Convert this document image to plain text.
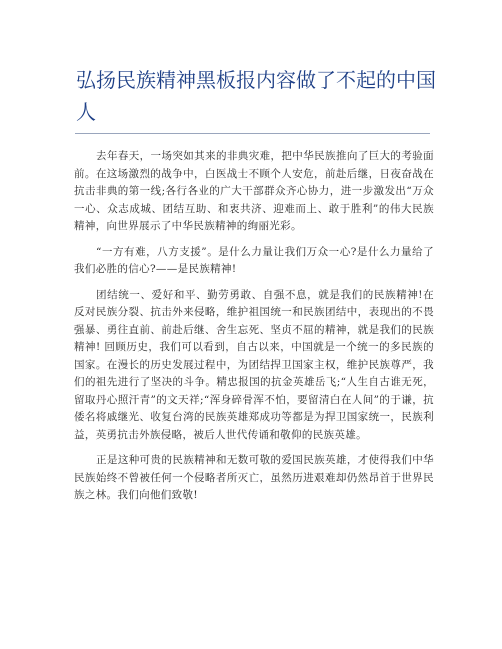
弘扬民族精神黑板报内容做了不起的中国人

去年春天，一场突如其来的非典灾难，把中华民族推向了巨大的考验面前。在这场激烈的战争中，白医战士不顾个人安危，前赴后继，日夜奋战在抗击非典的第一线;各行各业的广大干部群众齐心协力，进一步激发出“万众一心、众志成城、团结互助、和衷共济、迎难而上、敢于胜利”的伟大民族精神，向世界展示了中华民族精神的绚丽光彩。

“一方有难，八方支援”。是什么力量让我们万众一心?是什么力量给了我们必胜的信心?——是民族精神!

团结统一、爱好和平、勤劳勇敢、自强不息，就是我们的民族精神!在反对民族分裂、抗击外来侵略，维护祖国统一和民族团结中，表现出的不畏强暴、勇往直前、前赴后继、舍生忘死、坚贞不屈的精神，就是我们的民族精神! 回顾历史，我们可以看到，自古以来，中国就是一个统一的多民族的国家。在漫长的历史发展过程中，为团结捍卫国家主权，维护民族尊严，我们的祖先进行了坚决的斗争。精忠报国的抗金英雄岳飞;“人生自古谁无死，留取丹心照汗青”的文天祥;“浑身碎骨浑不怕，要留清白在人间”的于谦，抗倭名将戚继光、收复台湾的民族英雄郑成功等都是为捍卫国家统一，民族利益，英勇抗击外族侵略，被后人世代传诵和敬仰的民族英雄。

正是这种可贵的民族精神和无数可敬的爱国民族英雄，才使得我们中华民族始终不曾被任何一个侵略者所灭亡，虽然历进艰难却仍然昂首于世界民族之林。我们向他们致敬!
